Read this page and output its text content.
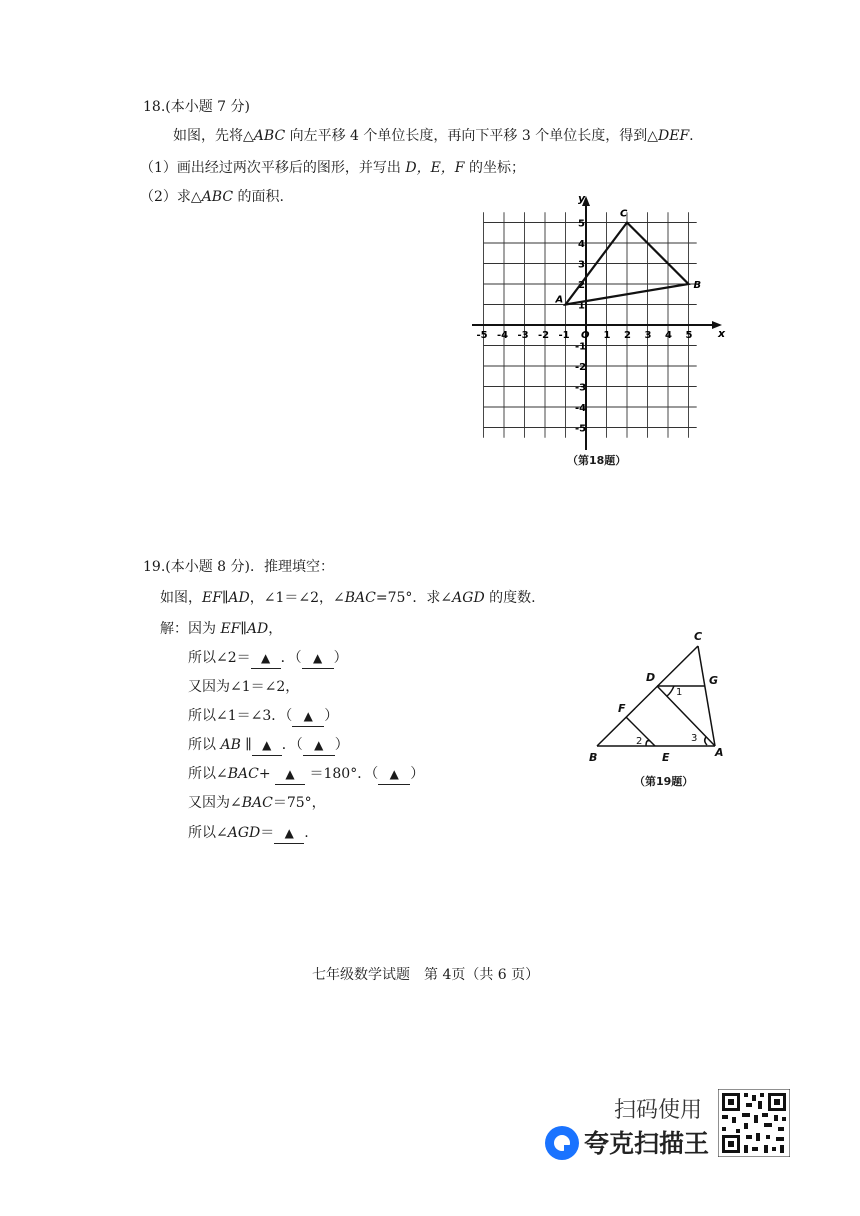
18.(本小题 7 分)
如图，先将△ABC 向左平移 4 个单位长度，再向下平移 3 个单位长度，得到△DEF.
（1）画出经过两次平移后的图形，并写出 D，E，F 的坐标；
（2）求△ABC 的面积.
x
y
O
-5 -4 -3 -2 -1	1 2 3 4 5
5
4
3
2
1
-1
-2
-3
-4
-5
A
B
C
（第18题）
19.(本小题 8 分)．推理填空：
如图，EF∥AD，∠1＝∠2，∠BAC=75°．求∠AGD 的度数.
解：因为 EF∥AD，
所以∠2＝ ▲ ．（ ▲ ）
又因为∠1＝∠2，
所以∠1＝∠3．（ ▲ ）
所以 AB ∥ ▲ ．（ ▲ ）
所以∠BAC+ ▲ ＝180°．（ ▲ ）
又因为∠BAC＝75°，
所以∠AGD＝ ▲ .
C
D	G
F
B	E	A
1
2	3
（第19题）
七年级数学试题　第 4页（共 6 页）
扫码使用
夸克扫描王
